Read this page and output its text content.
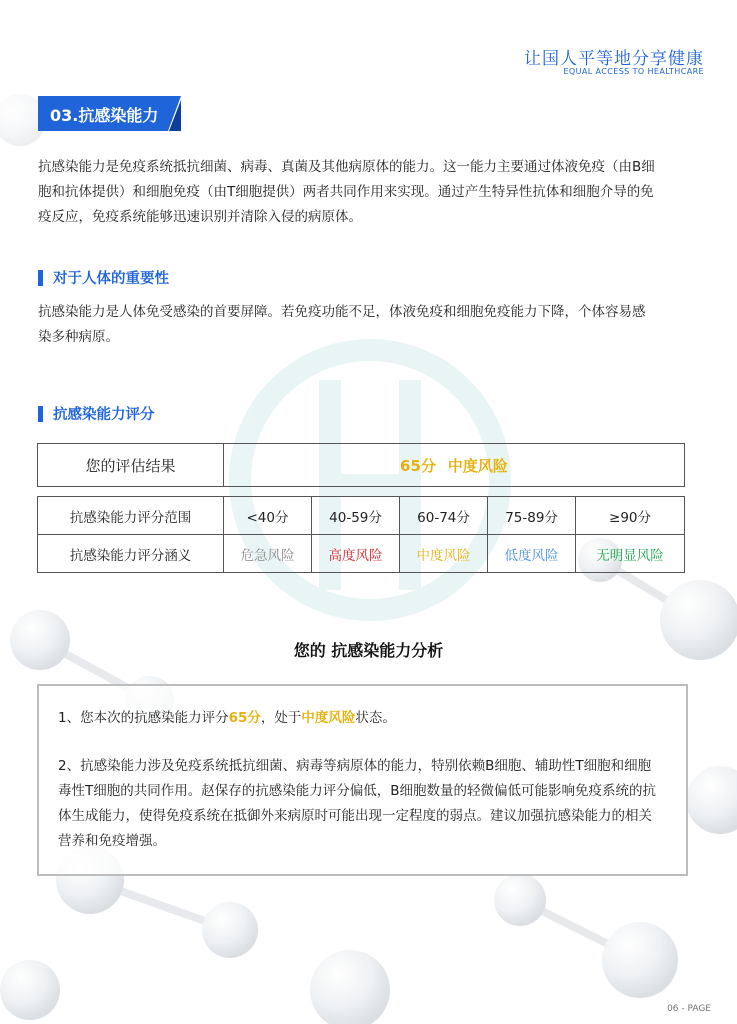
让国人平等地分享健康
EQUAL ACCESS TO HEALTHCARE
03.抗感染能力
抗感染能力是免疫系统抵抗细菌、病毒、真菌及其他病原体的能力。这一能力主要通过体液免疫（由B细
胞和抗体提供）和细胞免疫（由T细胞提供）两者共同作用来实现。通过产生特异性抗体和细胞介导的免
疫反应，免疫系统能够迅速识别并清除入侵的病原体。
对于人体的重要性
抗感染能力是人体免受感染的首要屏障。若免疫功能不足，体液免疫和细胞免疫能力下降，个体容易感
染多种病原。
抗感染能力评分
您的评估结果	65分 中度风险
抗感染能力评分范围	<40分	40-59分	60-74分	75-89分	≥90分
抗感染能力评分涵义	危急风险	高度风险	中度风险	低度风险	无明显风险
您的 抗感染能力分析
1、您本次的抗感染能力评分65分，处于中度风险状态。
2、抗感染能力涉及免疫系统抵抗细菌、病毒等病原体的能力，特别依赖B细胞、辅助性T细胞和细胞
毒性T细胞的共同作用。赵保存的抗感染能力评分偏低，B细胞数量的轻微偏低可能影响免疫系统的抗
体生成能力，使得免疫系统在抵御外来病原时可能出现一定程度的弱点。建议加强抗感染能力的相关
营养和免疫增强。
06 - PAGE
